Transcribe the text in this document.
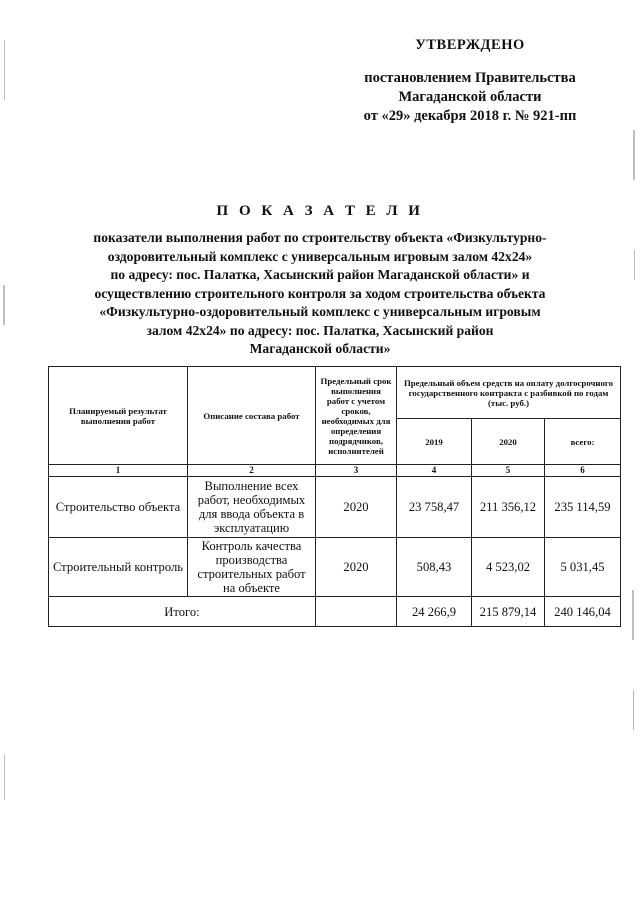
УТВЕРЖДЕНО
постановлением Правительства
Магаданской области
от «29» декабря 2018 г. № 921-пп
П О К А З А Т Е Л И
показатели выполнения работ по строительству объекта «Физкультурно-
оздоровительный комплекс с универсальным игровым залом 42х24»
по адресу: пос. Палатка, Хасынский район Магаданской области» и
осуществлению строительного контроля за ходом строительства объекта
«Физкультурно-оздоровительный комплекс с универсальным игровым
залом 42х24» по адресу: пос. Палатка, Хасынский район
Магаданской области»
Планируемый результат выполнения работ	Описание состава работ	Предельный срок выполнения работ с учетом сроков, необходимых для определения подрядчиков, исполнителей	Предельный объем средств на оплату долгосрочного государственного контракта с разбивкой по годам (тыс. руб.)		
			2019	2020	всего:
1	2	3	4	5	6
Строительство объекта	Выполнение всех работ, необходимых для ввода объекта в эксплуатацию	2020	23 758,47	211 356,12	235 114,59
Строительный контроль	Контроль качества производства строительных работ на объекте	2020	508,43	4 523,02	5 031,45
Итого:			24 266,9	215 879,14	240 146,04
